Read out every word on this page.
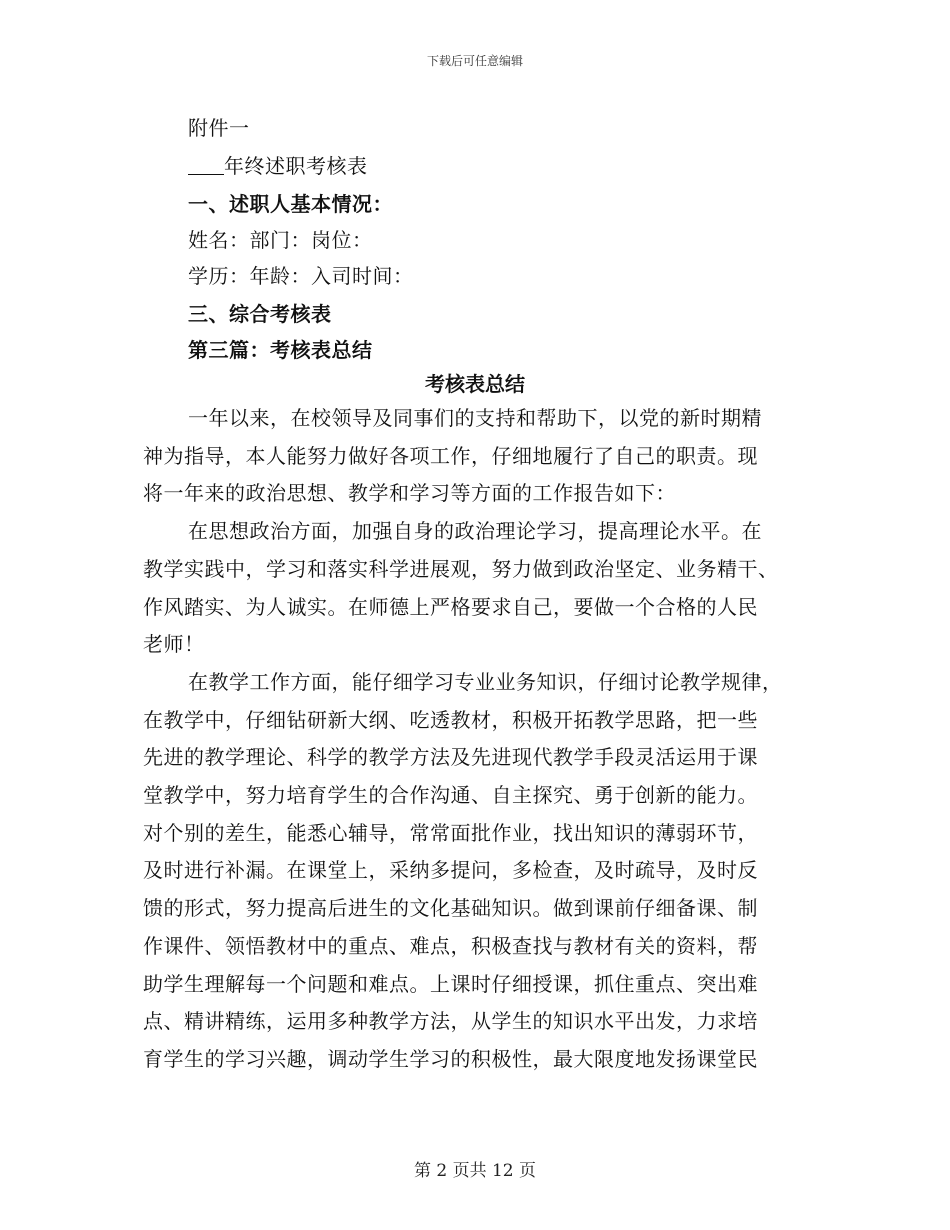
下载后可任意编辑
附件一
年终述职考核表
一、述职人基本情况：
姓名：部门：岗位：
学历：年龄：入司时间：
三、综合考核表
第三篇：考核表总结
考核表总结
一年以来，在校领导及同事们的支持和帮助下，以党的新时期精
神为指导，本人能努力做好各项工作，仔细地履行了自己的职责。现
将一年来的政治思想、教学和学习等方面的工作报告如下：
在思想政治方面，加强自身的政治理论学习，提高理论水平。在
教学实践中，学习和落实科学进展观，努力做到政治坚定、业务精干、
作风踏实、为人诚实。在师德上严格要求自己，要做一个合格的人民
老师！
在教学工作方面，能仔细学习专业业务知识，仔细讨论教学规律，
在教学中，仔细钻研新大纲、吃透教材，积极开拓教学思路，把一些
先进的教学理论、科学的教学方法及先进现代教学手段灵活运用于课
堂教学中，努力培育学生的合作沟通、自主探究、勇于创新的能力。
对个别的差生，能悉心辅导，常常面批作业，找出知识的薄弱环节，
及时进行补漏。在课堂上，采纳多提问，多检查，及时疏导，及时反
馈的形式，努力提高后进生的文化基础知识。做到课前仔细备课、制
作课件、领悟教材中的重点、难点，积极查找与教材有关的资料，帮
助学生理解每一个问题和难点。上课时仔细授课，抓住重点、突出难
点、精讲精练，运用多种教学方法，从学生的知识水平出发，力求培
育学生的学习兴趣，调动学生学习的积极性，最大限度地发扬课堂民
第 2 页共 12 页
